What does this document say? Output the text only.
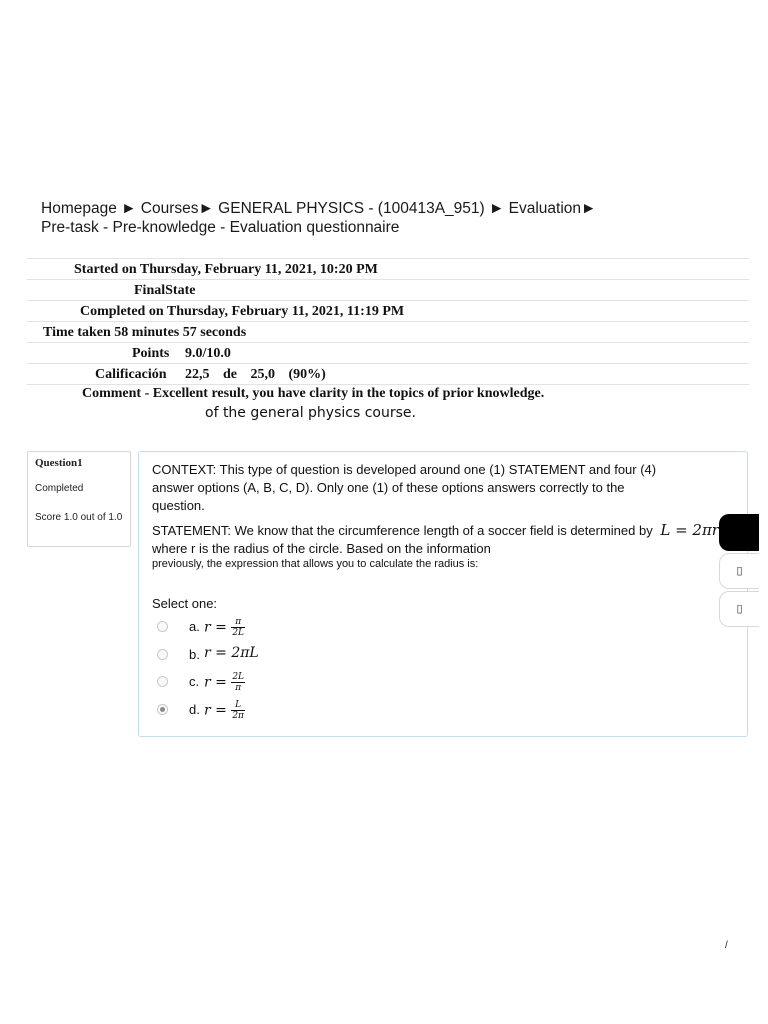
Homepage ► Courses► GENERAL PHYSICS - (100413A_951) ► Evaluation►
Pre-task - Pre-knowledge - Evaluation questionnaire
Started on Thursday, February 11, 2021, 10:20 PM
FinalState
Completed on Thursday, February 11, 2021, 11:19 PM
Time taken 58 minutes 57 seconds
Points 9.0/10.0
Calificación 22,5 de 25,0 (90%)
Comment - Excellent result, you have clarity in the topics of prior knowledge.
of the general physics course.
Question1
Completed
Score 1.0 out of 1.0
CONTEXT: This type of question is developed around one (1) STATEMENT and four (4) answer options (A, B, C, D). Only one (1) of these options answers correctly to the question.
STATEMENT: We know that the circumference length of a soccer field is determined by L = 2πr where r is the radius of the circle. Based on the information
previously, the expression that allows you to calculate the radius is:
Select one:
a. $r = \frac{\pi}{2L}$
b. r = 2πL
c. $r = \frac{2L}{\pi}$
d. $r = \frac{L}{2\pi}$
▯
▯
/
